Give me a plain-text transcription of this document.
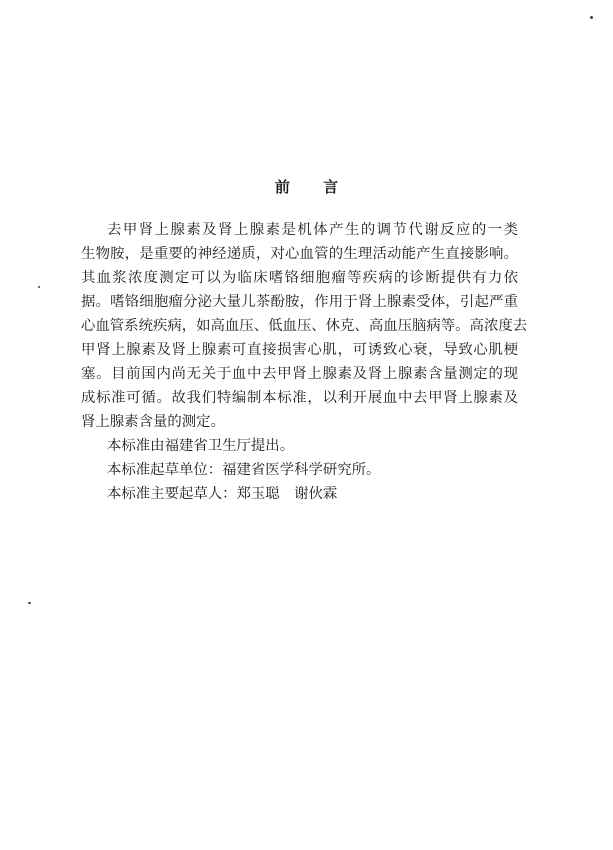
前 言
去甲肾上腺素及肾上腺素是机体产生的调节代谢反应的一类
生物胺，是重要的神经递质，对心血管的生理活动能产生直接影响。
其血浆浓度测定可以为临床嗜铬细胞瘤等疾病的诊断提供有力依
据。嗜铬细胞瘤分泌大量儿茶酚胺，作用于肾上腺素受体，引起严重
心血管系统疾病，如高血压、低血压、休克、高血压脑病等。高浓度去
甲肾上腺素及肾上腺素可直接损害心肌，可诱致心衰，导致心肌梗
塞。目前国内尚无关于血中去甲肾上腺素及肾上腺素含量测定的现
成标准可循。故我们特编制本标准，以利开展血中去甲肾上腺素及
肾上腺素含量的测定。
本标准由福建省卫生厅提出。
本标准起草单位：福建省医学科学研究所。
本标准主要起草人：郑玉聪　谢伙霖
